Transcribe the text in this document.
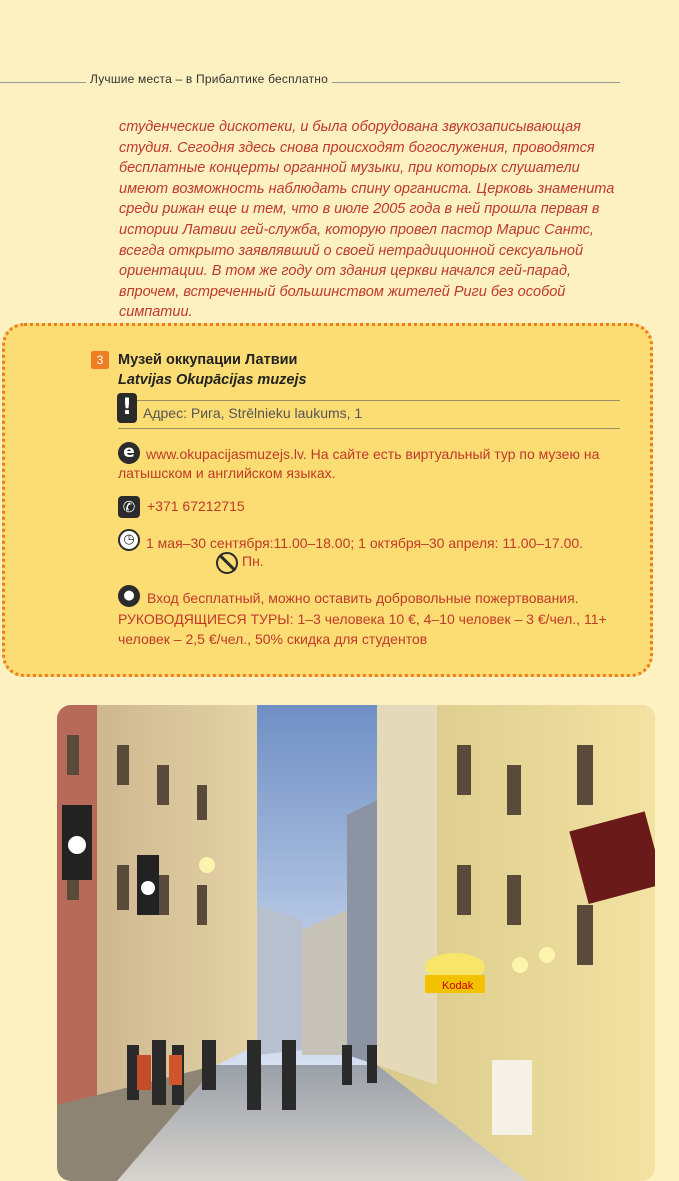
Лучшие места – в Прибалтике бесплатно

студенческие дискотеки, и была оборудована звукозаписывающая студия. Сегодня здесь снова происходят богослужения, проводятся бесплатные концерты органной музыки, при которых слушатели имеют возможность наблюдать спину органиста. Церковь знаменита среди рижан еще и тем, что в июле 2005 года в ней прошла первая в истории Латвии гей-служба, которую провел пастор Марис Сантс, всегда открыто заявлявший о своей нетрадиционной сексуальной ориентации. В том же году от здания церкви начался гей-парад, впрочем, встреченный большинством жителей Риги без особой симпатии.

3	Музей оккупации Латвии
Latvijas Okupācijas muzejs
! Адрес: Рига, Strēlnieku laukums, 1
www.okupacijasmuzejs.lv. На сайте есть виртуальный тур по музею на латышском и английском языках.
e
✆ +371 67212715
1 мая–30 сентября:11.00–18.00; 1 октября–30 апреля: 11.00–17.00.
◷
Пн.
Вход бесплатный, можно оставить добровольные пожертвования. РУКОВОДЯЩИЕСЯ ТУРЫ: 1–3 человека 10 €, 4–10 человек – 3 €/чел., 11+ человек – 2,5 €/чел., 50% скидка для студентов
●
Kodak
